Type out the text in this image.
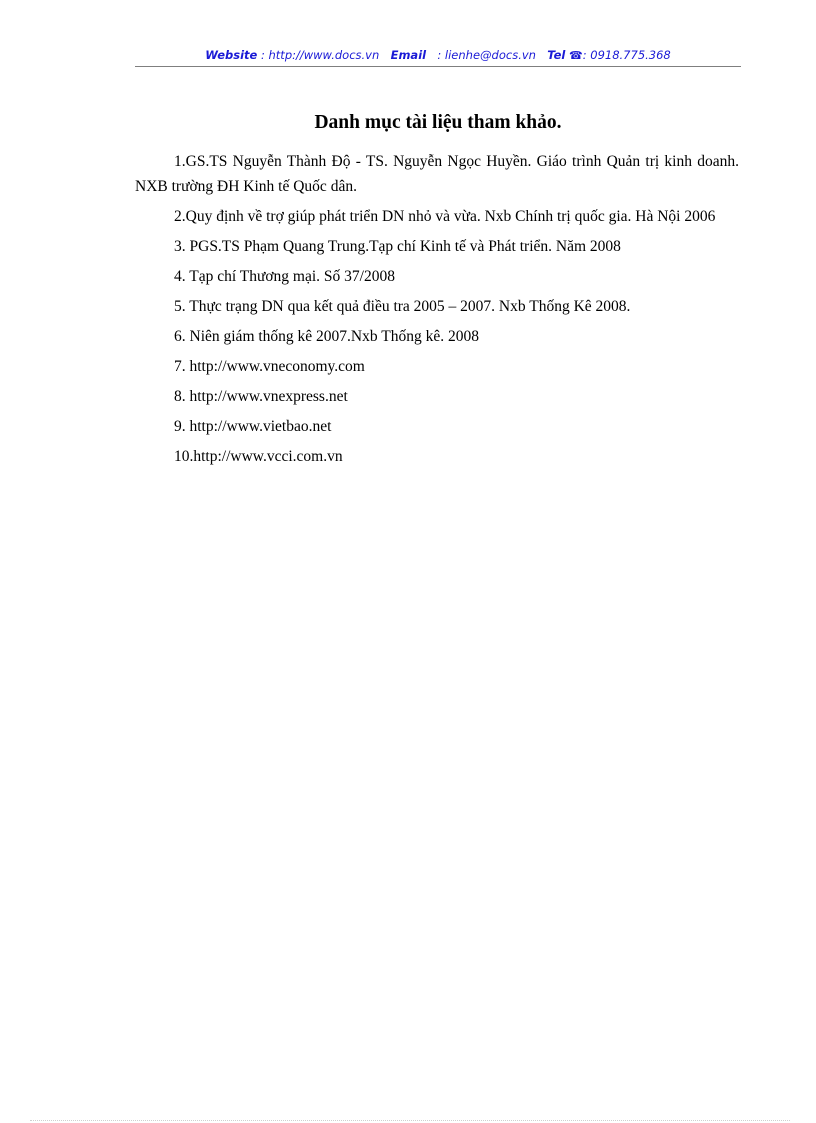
Website : http://www.docs.vn Email : lienhe@docs.vn Tel ☎: 0918.775.368
Danh mục tài liệu tham khảo.
1.GS.TS Nguyễn Thành Độ - TS. Nguyễn Ngọc Huyền. Giáo trình Quản trị kinh doanh. NXB trường ĐH Kinh tế Quốc dân.
2.Quy định về trợ giúp phát triển DN nhỏ và vừa. Nxb Chính trị quốc gia. Hà Nội 2006
3. PGS.TS Phạm Quang Trung.Tạp chí Kinh tế và Phát triển. Năm 2008
4. Tạp chí Thương mại. Số 37/2008
5. Thực trạng DN qua kết quả điều tra 2005 – 2007. Nxb Thống Kê 2008.
6. Niên giám thống kê 2007.Nxb Thống kê. 2008
7. http://www.vneconomy.com
8. http://www.vnexpress.net
9. http://www.vietbao.net
10.http://www.vcci.com.vn
